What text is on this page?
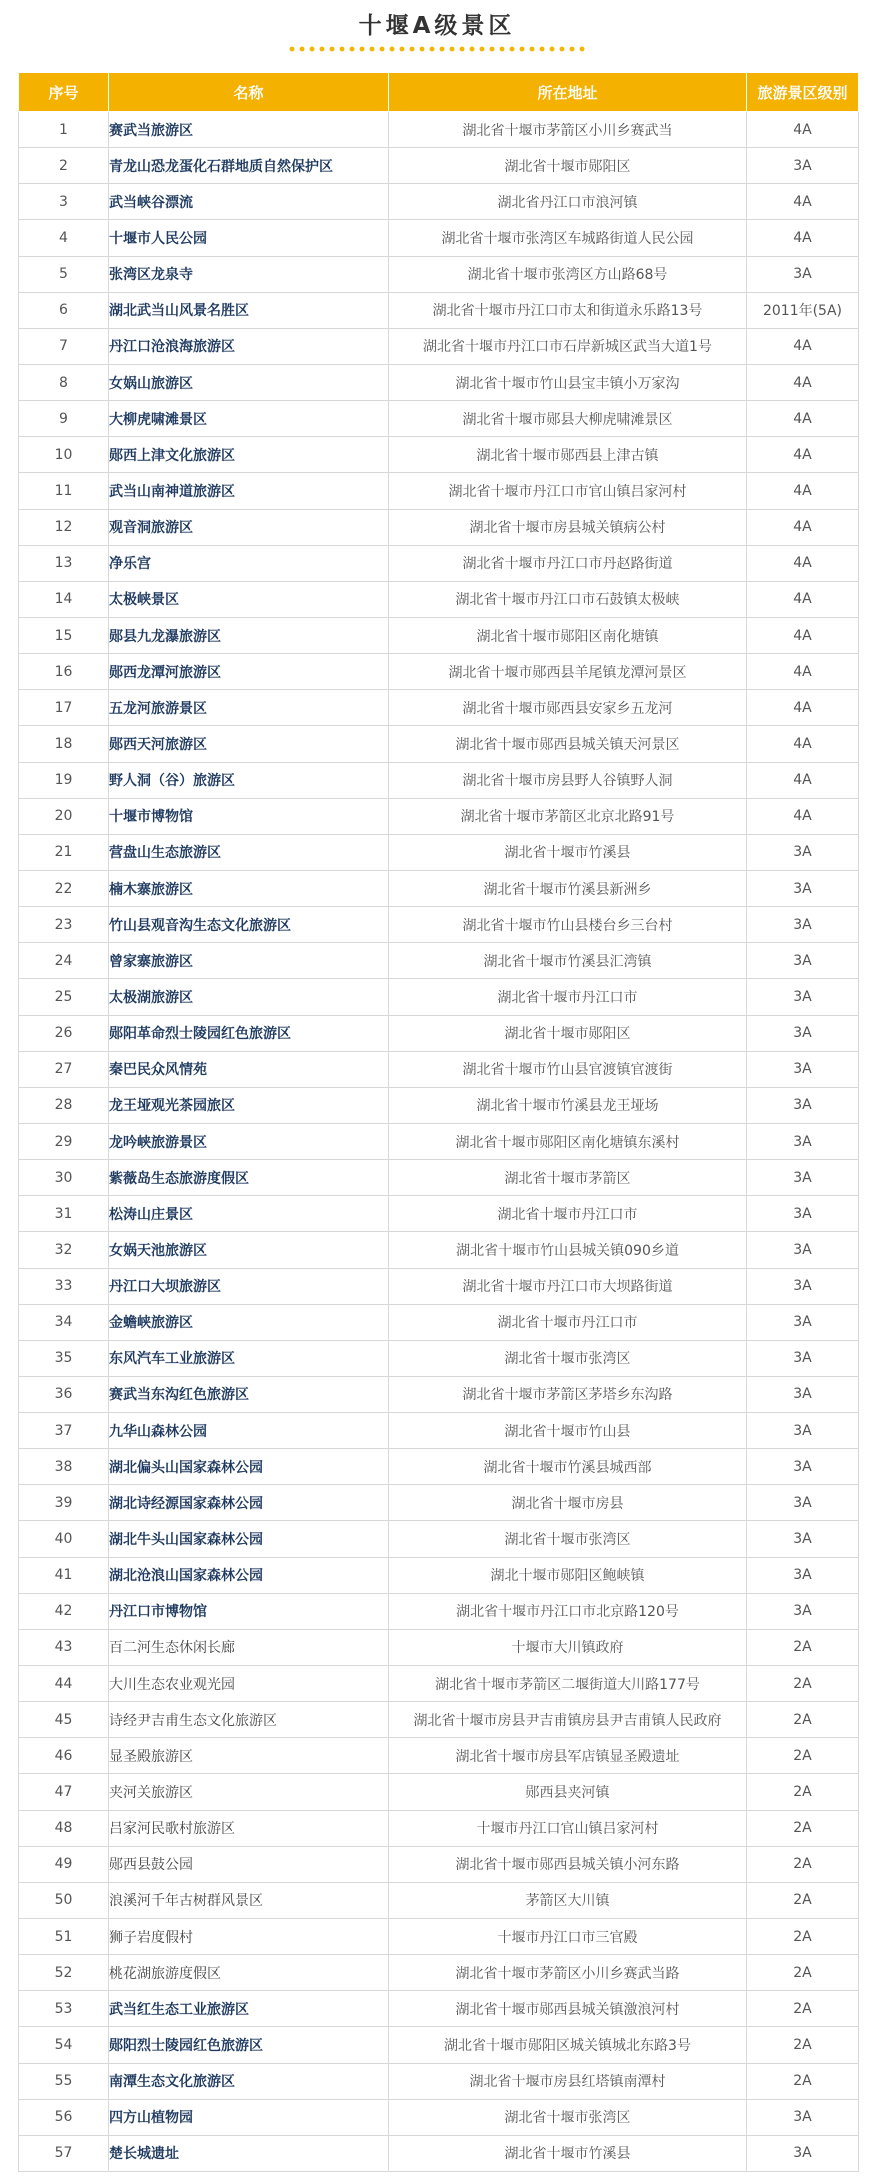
十堰A级景区
序号	名称	所在地址	旅游景区级别
1	赛武当旅游区	湖北省十堰市茅箭区小川乡赛武当	4A
2	青龙山恐龙蛋化石群地质自然保护区	湖北省十堰市郧阳区	3A
3	武当峡谷漂流	湖北省丹江口市浪河镇	4A
4	十堰市人民公园	湖北省十堰市张湾区车城路街道人民公园	4A
5	张湾区龙泉寺	湖北省十堰市张湾区方山路68号	3A
6	湖北武当山风景名胜区	湖北省十堰市丹江口市太和街道永乐路13号	2011年(5A)
7	丹江口沧浪海旅游区	湖北省十堰市丹江口市石岸新城区武当大道1号	4A
8	女娲山旅游区	湖北省十堰市竹山县宝丰镇小万家沟	4A
9	大柳虎啸滩景区	湖北省十堰市郧县大柳虎啸滩景区	4A
10	郧西上津文化旅游区	湖北省十堰市郧西县上津古镇	4A
11	武当山南神道旅游区	湖北省十堰市丹江口市官山镇吕家河村	4A
12	观音洞旅游区	湖北省十堰市房县城关镇病公村	4A
13	净乐宫	湖北省十堰市丹江口市丹赵路街道	4A
14	太极峡景区	湖北省十堰市丹江口市石鼓镇太极峡	4A
15	郧县九龙瀑旅游区	湖北省十堰市郧阳区南化塘镇	4A
16	郧西龙潭河旅游区	湖北省十堰市郧西县羊尾镇龙潭河景区	4A
17	五龙河旅游景区	湖北省十堰市郧西县安家乡五龙河	4A
18	郧西天河旅游区	湖北省十堰市郧西县城关镇天河景区	4A
19	野人洞（谷）旅游区	湖北省十堰市房县野人谷镇野人洞	4A
20	十堰市博物馆	湖北省十堰市茅箭区北京北路91号	4A
21	营盘山生态旅游区	湖北省十堰市竹溪县	3A
22	楠木寨旅游区	湖北省十堰市竹溪县新洲乡	3A
23	竹山县观音沟生态文化旅游区	湖北省十堰市竹山县楼台乡三台村	3A
24	曾家寨旅游区	湖北省十堰市竹溪县汇湾镇	3A
25	太极湖旅游区	湖北省十堰市丹江口市	3A
26	郧阳革命烈士陵园红色旅游区	湖北省十堰市郧阳区	3A
27	秦巴民众风情苑	湖北省十堰市竹山县官渡镇官渡街	3A
28	龙王垭观光茶园旅区	湖北省十堰市竹溪县龙王垭场	3A
29	龙吟峡旅游景区	湖北省十堰市郧阳区南化塘镇东溪村	3A
30	紫薇岛生态旅游度假区	湖北省十堰市茅箭区	3A
31	松涛山庄景区	湖北省十堰市丹江口市	3A
32	女娲天池旅游区	湖北省十堰市竹山县城关镇090乡道	3A
33	丹江口大坝旅游区	湖北省十堰市丹江口市大坝路街道	3A
34	金蟾峡旅游区	湖北省十堰市丹江口市	3A
35	东风汽车工业旅游区	湖北省十堰市张湾区	3A
36	赛武当东沟红色旅游区	湖北省十堰市茅箭区茅塔乡东沟路	3A
37	九华山森林公园	湖北省十堰市竹山县	3A
38	湖北偏头山国家森林公园	湖北省十堰市竹溪县城西部	3A
39	湖北诗经源国家森林公园	湖北省十堰市房县	3A
40	湖北牛头山国家森林公园	湖北省十堰市张湾区	3A
41	湖北沧浪山国家森林公园	湖北十堰市郧阳区鲍峡镇	3A
42	丹江口市博物馆	湖北省十堰市丹江口市北京路120号	3A
43	百二河生态休闲长廊	十堰市大川镇政府	2A
44	大川生态农业观光园	湖北省十堰市茅箭区二堰街道大川路177号	2A
45	诗经尹吉甫生态文化旅游区	湖北省十堰市房县尹吉甫镇房县尹吉甫镇人民政府	2A
46	显圣殿旅游区	湖北省十堰市房县军店镇显圣殿遗址	2A
47	夹河关旅游区	郧西县夹河镇	2A
48	吕家河民歌村旅游区	十堰市丹江口官山镇吕家河村	2A
49	郧西县鼓公园	湖北省十堰市郧西县城关镇小河东路	2A
50	浪溪河千年古树群风景区	茅箭区大川镇	2A
51	狮子岩度假村	十堰市丹江口市三官殿	2A
52	桃花湖旅游度假区	湖北省十堰市茅箭区小川乡赛武当路	2A
53	武当红生态工业旅游区	湖北省十堰市郧西县城关镇激浪河村	2A
54	郧阳烈士陵园红色旅游区	湖北省十堰市郧阳区城关镇城北东路3号	2A
55	南潭生态文化旅游区	湖北省十堰市房县红塔镇南潭村	2A
56	四方山植物园	湖北省十堰市张湾区	3A
57	楚长城遗址	湖北省十堰市竹溪县	3A
